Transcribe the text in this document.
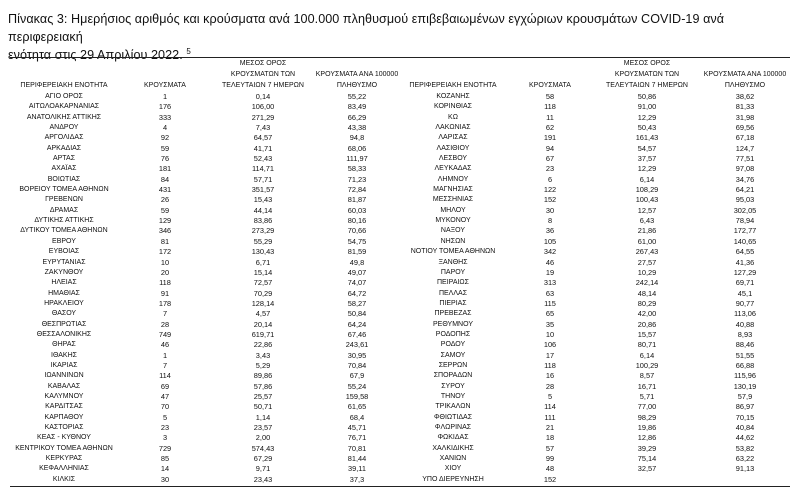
Πίνακας 3: Ημερήσιος αριθμός και κρούσματα ανά 100.000 πληθυσμού επιβεβαιωμένων εγχώριων κρουσμάτων COVID-19 ανά περιφερειακή
ενότητα στις 29 Απριλίου 2022. $^5$
ΠΕΡΙΦΕΡΕΙΑΚΗ ΕΝΟΤΗΤΑ	ΚΡΟΥΣΜΑΤΑ
ΜΕΣΟΣ ΟΡΟΣ
ΚΡΟΥΣΜΑΤΩΝ ΤΩΝ
ΤΕΛΕΥΤΑΙΩΝ 7 ΗΜΕΡΩΝ
ΚΡΟΥΣΜΑΤΑ ΑΝΑ 100000
ΠΛΗΘΥΣΜΟ	ΠΕΡΙΦΕΡΕΙΑΚΗ ΕΝΟΤΗΤΑ	ΚΡΟΥΣΜΑΤΑ
ΜΕΣΟΣ ΟΡΟΣ
ΚΡΟΥΣΜΑΤΩΝ ΤΩΝ
ΤΕΛΕΥΤΑΙΩΝ 7 ΗΜΕΡΩΝ
ΚΡΟΥΣΜΑΤΑ ΑΝΑ 100000
ΠΛΗΘΥΣΜΟ
ΑΓΙΟ ΟΡΟΣ	1	0,14	55,22	ΚΟΖΑΝΗΣ	58	50,86	38,62
ΑΙΤΩΛΟΑΚΑΡΝΑΝΙΑΣ	176	106,00	83,49	ΚΟΡΙΝΘΙΑΣ	118	91,00	81,33
ΑΝΑΤΟΛΙΚΗΣ ΑΤΤΙΚΗΣ	333	271,29	66,29	ΚΩ	11	12,29	31,98
ΑΝΔΡΟΥ	4	7,43	43,38	ΛΑΚΩΝΙΑΣ	62	50,43	69,56
ΑΡΓΟΛΙΔΑΣ	92	64,57	94,8	ΛΑΡΙΣΑΣ	191	161,43	67,18
ΑΡΚΑΔΙΑΣ	59	41,71	68,06	ΛΑΣΙΘΙΟΥ	94	54,57	124,7
ΑΡΤΑΣ	76	52,43	111,97	ΛΕΣΒΟΥ	67	37,57	77,51
ΑΧΑΪΑΣ	181	114,71	58,33	ΛΕΥΚΑΔΑΣ	23	12,29	97,08
ΒΟΙΩΤΙΑΣ	84	57,71	71,23	ΛΗΜΝΟΥ	6	6,14	34,76
ΒΟΡΕΙΟΥ ΤΟΜΕΑ ΑΘΗΝΩΝ	431	351,57	72,84	ΜΑΓΝΗΣΙΑΣ	122	108,29	64,21
ΓΡΕΒΕΝΩΝ	26	15,43	81,87	ΜΕΣΣΗΝΙΑΣ	152	100,43	95,03
ΔΡΑΜΑΣ	59	44,14	60,03	ΜΗΛΟΥ	30	12,57	302,05
ΔΥΤΙΚΗΣ ΑΤΤΙΚΗΣ	129	83,86	80,16	ΜΥΚΟΝΟΥ	8	6,43	78,94
ΔΥΤΙΚΟΥ ΤΟΜΕΑ ΑΘΗΝΩΝ	346	273,29	70,66	ΝΑΞΟΥ	36	21,86	172,77
ΕΒΡΟΥ	81	55,29	54,75	ΝΗΣΩΝ	105	61,00	140,65
ΕΥΒΟΙΑΣ	172	130,43	81,59	ΝΟΤΙΟΥ ΤΟΜΕΑ ΑΘΗΝΩΝ	342	267,43	64,55
ΕΥΡΥΤΑΝΙΑΣ	10	6,71	49,8	ΞΑΝΘΗΣ	46	27,57	41,36
ΖΑΚΥΝΘΟΥ	20	15,14	49,07	ΠΑΡΟΥ	19	10,29	127,29
ΗΛΕΙΑΣ	118	72,57	74,07	ΠΕΙΡΑΙΩΣ	313	242,14	69,71
ΗΜΑΘΙΑΣ	91	70,29	64,72	ΠΕΛΛΑΣ	63	48,14	45,1
ΗΡΑΚΛΕΙΟΥ	178	128,14	58,27	ΠΙΕΡΙΑΣ	115	80,29	90,77
ΘΑΣΟΥ	7	4,57	50,84	ΠΡΕΒΕΖΑΣ	65	42,00	113,06
ΘΕΣΠΡΩΤΙΑΣ	28	20,14	64,24	ΡΕΘΥΜΝΟΥ	35	20,86	40,88
ΘΕΣΣΑΛΟΝΙΚΗΣ	749	619,71	67,46	ΡΟΔΟΠΗΣ	10	15,57	8,93
ΘΗΡΑΣ	46	22,86	243,61	ΡΟΔΟΥ	106	80,71	88,46
ΙΘΑΚΗΣ	1	3,43	30,95	ΣΑΜΟΥ	17	6,14	51,55
ΙΚΑΡΙΑΣ	7	5,29	70,84	ΣΕΡΡΩΝ	118	100,29	66,88
ΙΩΑΝΝΙΝΩΝ	114	89,86	67,9	ΣΠΟΡΑΔΩΝ	16	8,57	115,96
ΚΑΒΑΛΑΣ	69	57,86	55,24	ΣΥΡΟΥ	28	16,71	130,19
ΚΑΛΥΜΝΟΥ	47	25,57	159,58	ΤΗΝΟΥ	5	5,71	57,9
ΚΑΡΔΙΤΣΑΣ	70	50,71	61,65	ΤΡΙΚΑΛΩΝ	114	77,00	86,97
ΚΑΡΠΑΘΟΥ	5	1,14	68,4	ΦΘΙΩΤΙΔΑΣ	111	98,29	70,15
ΚΑΣΤΟΡΙΑΣ	23	23,57	45,71	ΦΛΩΡΙΝΑΣ	21	19,86	40,84
ΚΕΑΣ - ΚΥΘΝΟΥ	3	2,00	76,71	ΦΩΚΙΔΑΣ	18	12,86	44,62
ΚΕΝΤΡΙΚΟΥ ΤΟΜΕΑ ΑΘΗΝΩΝ	729	574,43	70,81	ΧΑΛΚΙΔΙΚΗΣ	57	39,29	53,82
ΚΕΡΚΥΡΑΣ	85	67,29	81,44	ΧΑΝΙΩΝ	99	75,14	63,22
ΚΕΦΑΛΛΗΝΙΑΣ	14	9,71	39,11	ΧΙΟΥ	48	32,57	91,13
ΚΙΛΚΙΣ	30	23,43	37,3	ΥΠΟ ΔΙΕΡΕΥΝΗΣΗ	152
